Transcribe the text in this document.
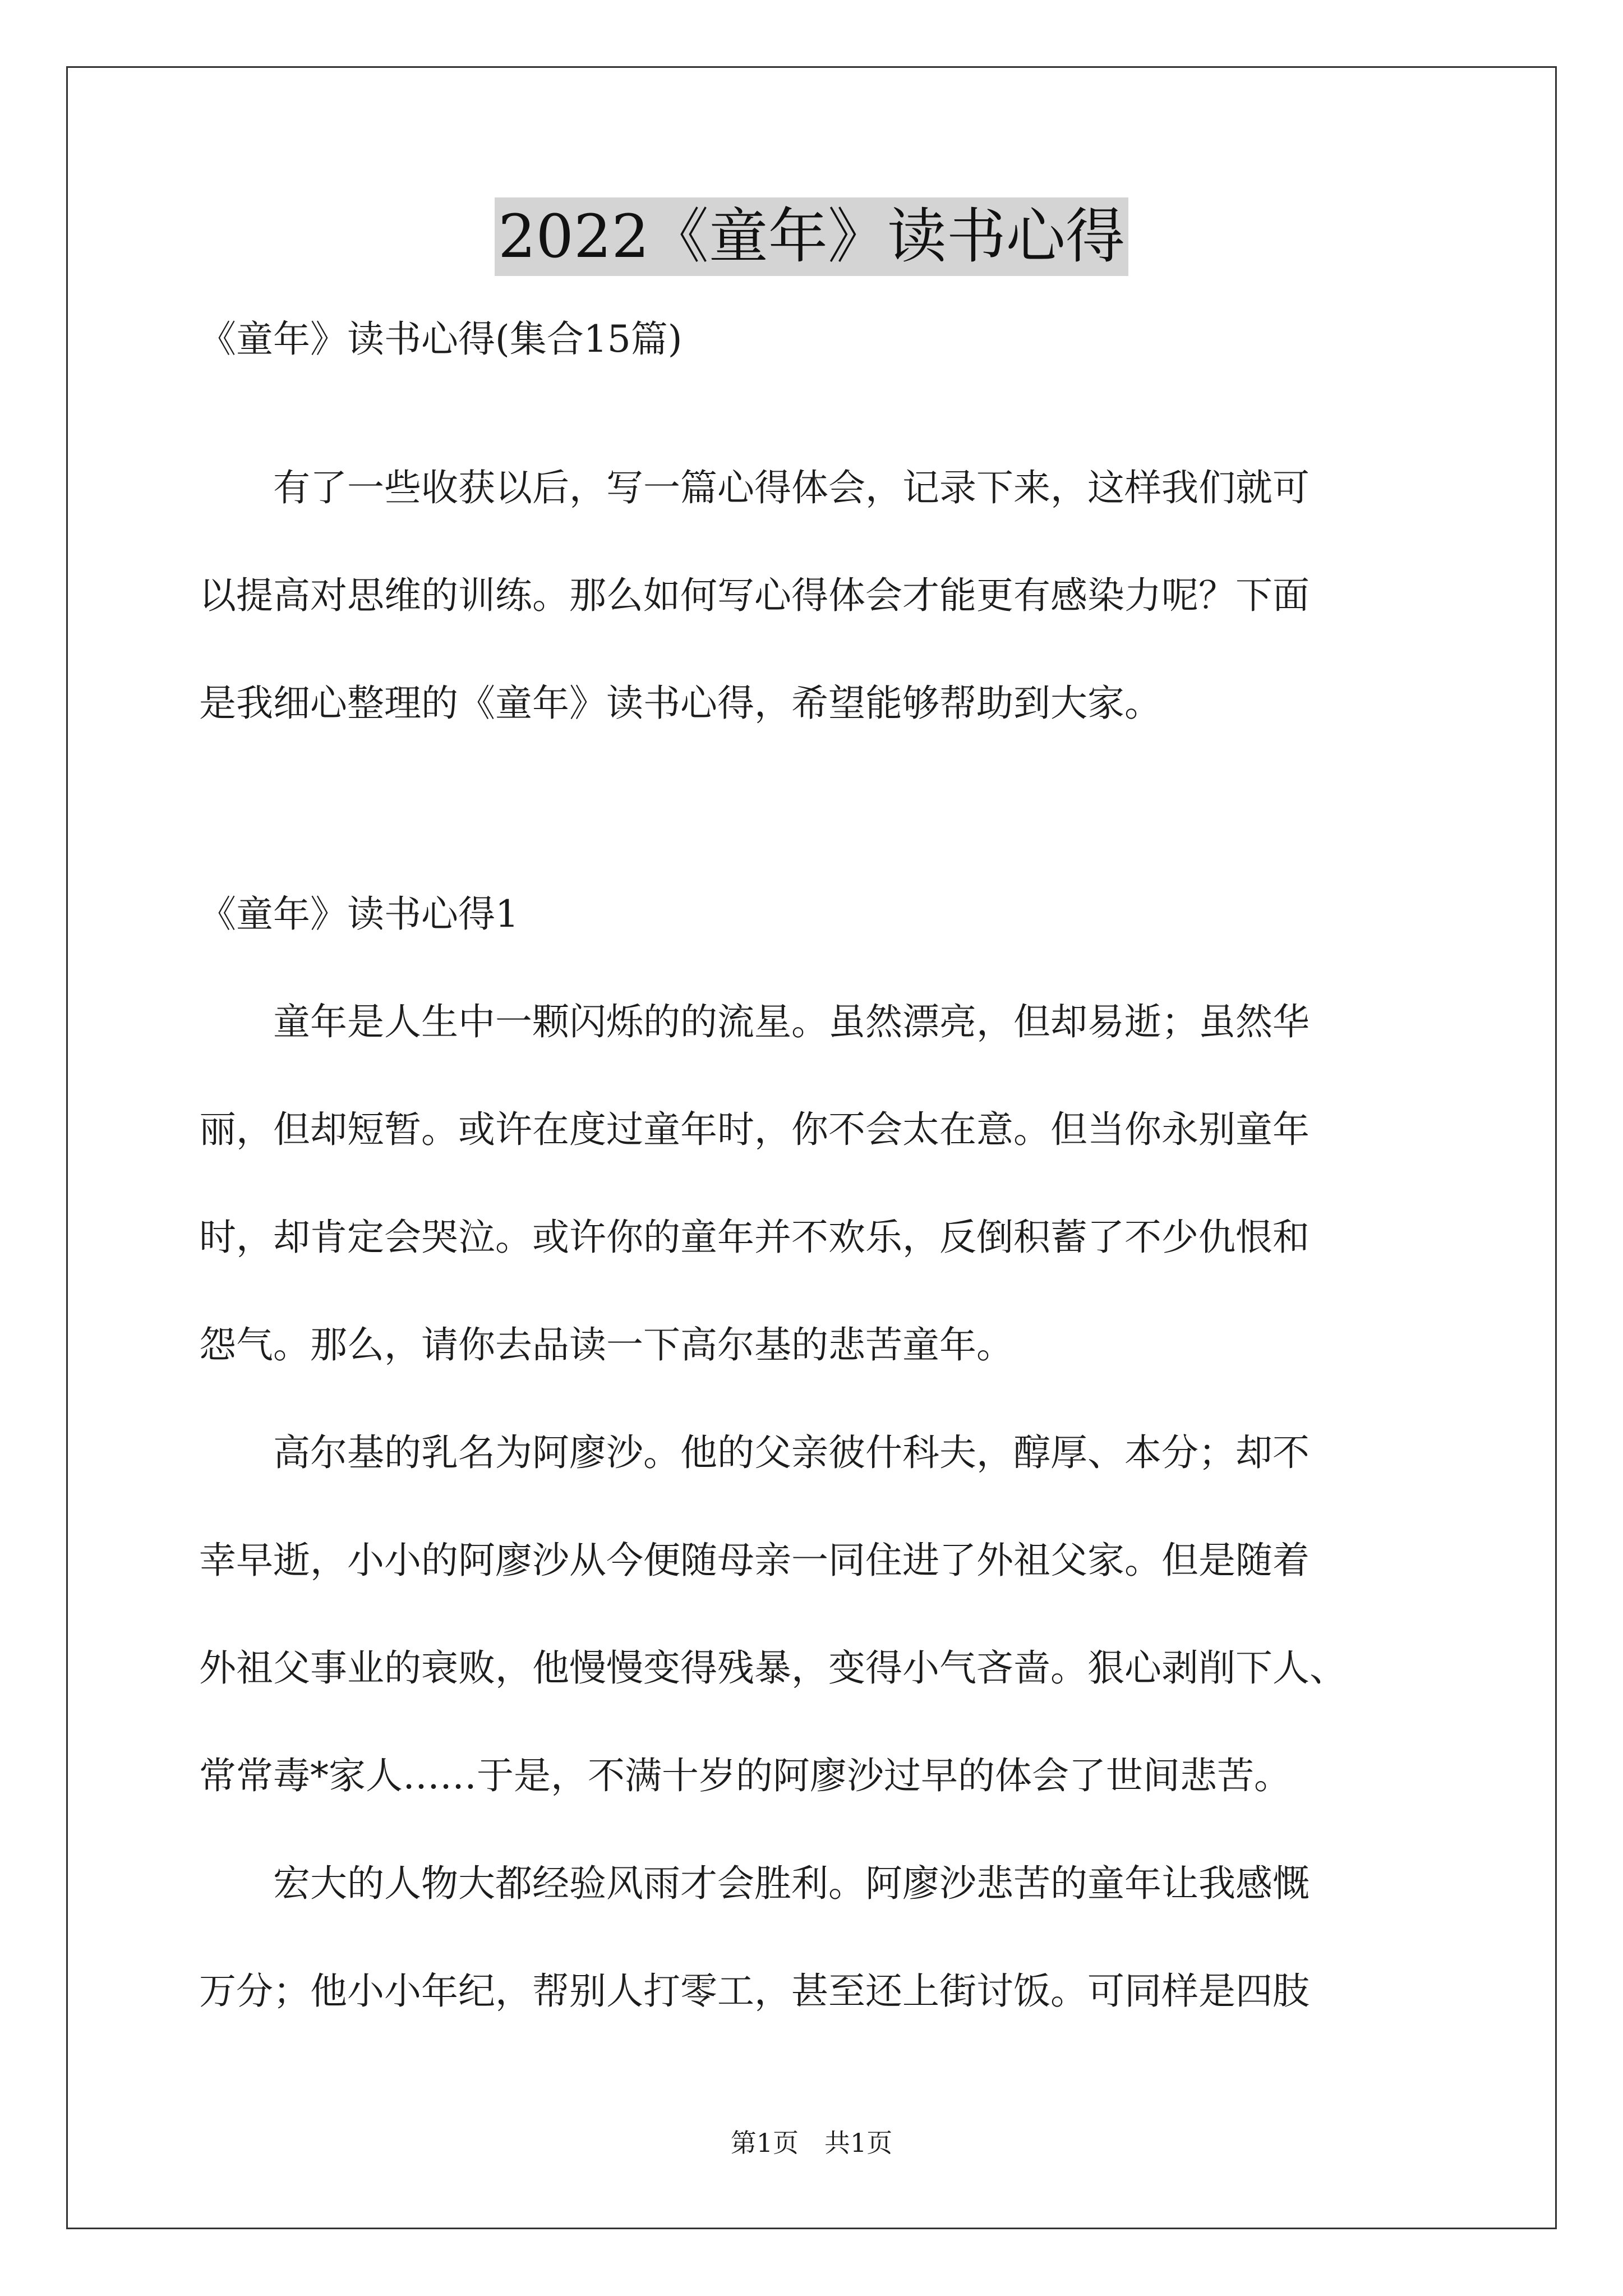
2022《童年》读书心得
《童年》读书心得(集合15篇)
　　有了一些收获以后，写一篇心得体会，记录下来，这样我们就可
以提高对思维的训练。那么如何写心得体会才能更有感染力呢？下面
是我细心整理的《童年》读书心得，希望能够帮助到大家。
《童年》读书心得1
　　童年是人生中一颗闪烁的的流星。虽然漂亮，但却易逝；虽然华
丽，但却短暂。或许在度过童年时，你不会太在意。但当你永别童年
时，却肯定会哭泣。或许你的童年并不欢乐，反倒积蓄了不少仇恨和
怨气。那么，请你去品读一下高尔基的悲苦童年。
　　高尔基的乳名为阿廖沙。他的父亲彼什科夫，醇厚、本分；却不
幸早逝，小小的阿廖沙从今便随母亲一同住进了外祖父家。但是随着
外祖父事业的衰败，他慢慢变得残暴，变得小气吝啬。狠心剥削下人、
常常毒*家人……于是，不满十岁的阿廖沙过早的体会了世间悲苦。
　　宏大的人物大都经验风雨才会胜利。阿廖沙悲苦的童年让我感慨
万分；他小小年纪，帮别人打零工，甚至还上街讨饭。可同样是四肢
第1页　共1页
